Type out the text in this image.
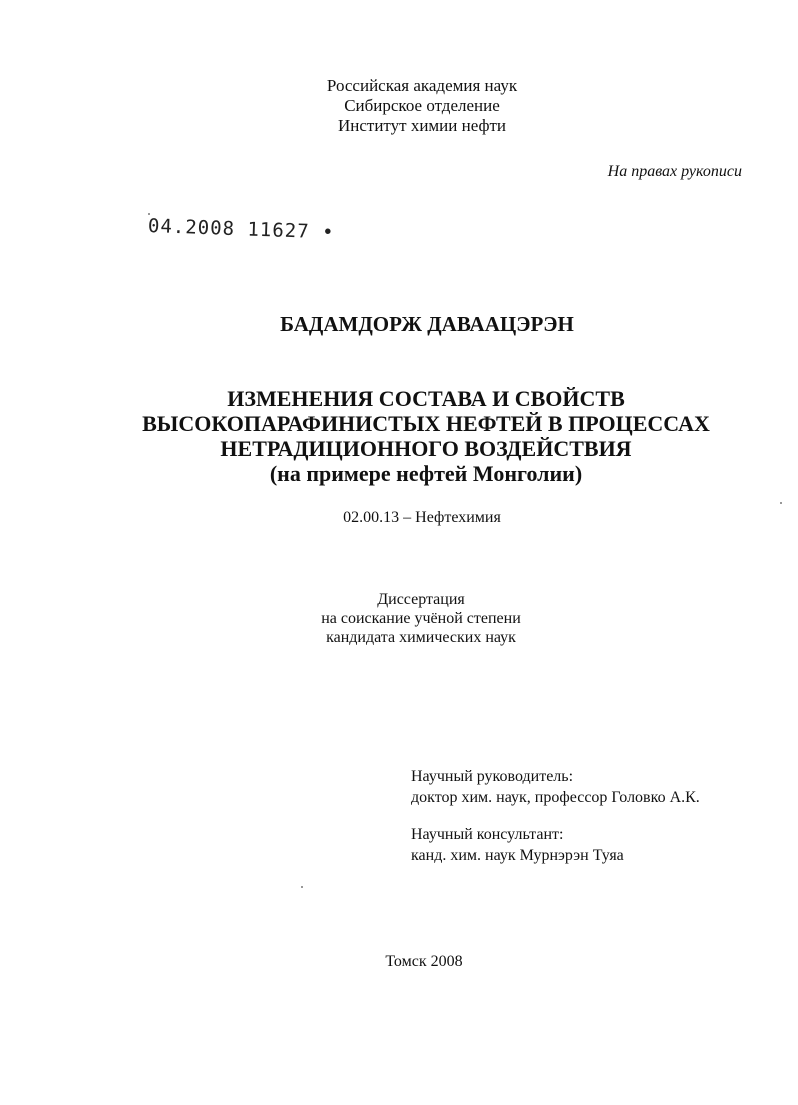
Российская академия наук
Сибирское отделение
Институт химии нефти
На правах рукописи
04.2008 11627 •
БАДАМДОРЖ ДАВААЦЭРЭН
ИЗМЕНЕНИЯ СОСТАВА И СВОЙСТВ
ВЫСОКОПАРАФИНИСТЫХ НЕФТЕЙ В ПРОЦЕССАХ
НЕТРАДИЦИОННОГО ВОЗДЕЙСТВИЯ
(на примере нефтей Монголии)
02.00.13 – Нефтехимия
Диссертация
на соискание учёной степени
кандидата химических наук
Научный руководитель:
доктор хим. наук, профессор Головко А.К.
Научный консультант:
канд. хим. наук Мурнэрэн Туяа
Томск 2008
